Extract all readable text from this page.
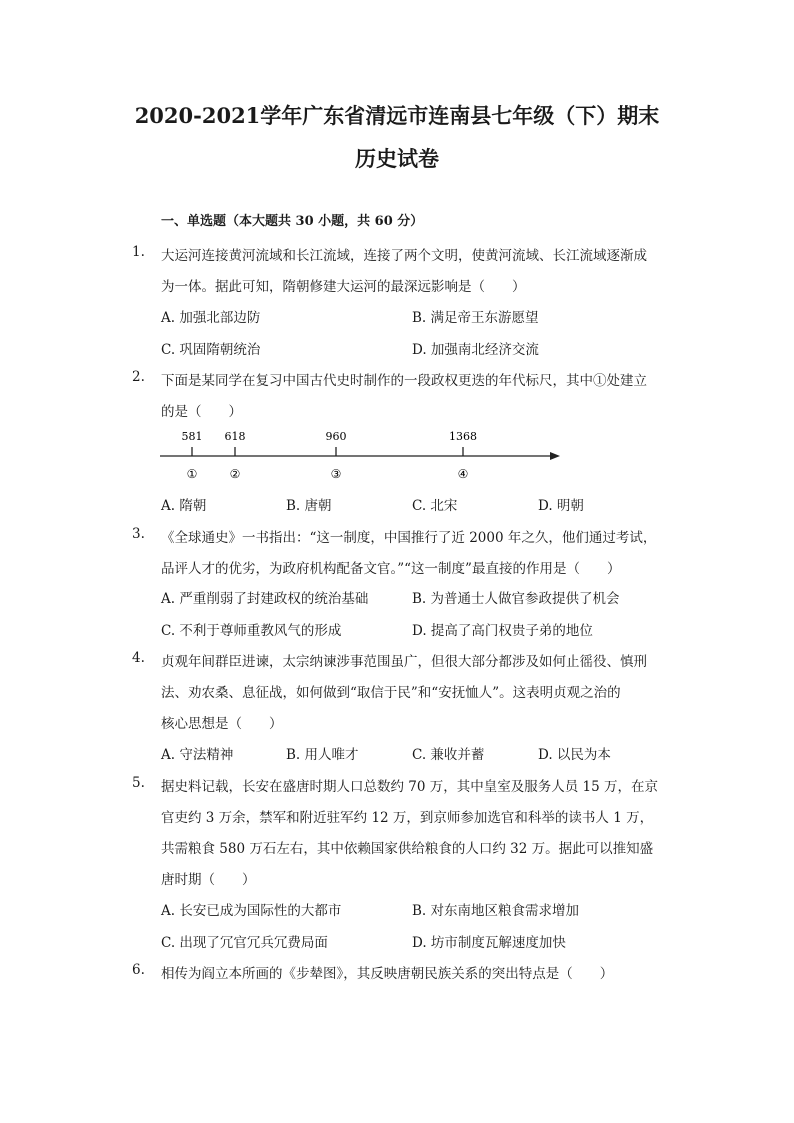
2020-2021学年广东省清远市连南县七年级（下）期末
历史试卷
一、单选题（本大题共 30 小题，共 60 分）
1.	大运河连接黄河流域和长江流域，连接了两个文明，使黄河流域、长江流域逐渐成
为一体。据此可知，隋朝修建大运河的最深远影响是（　　）
A. 加强北部边防	B. 满足帝王东游愿望
C. 巩固隋朝统治	D. 加强南北经济交流
2.	下面是某同学在复习中国古代史时制作的一段政权更迭的年代标尺，其中①处建立
的是（　　）
581 618	960	1368
①	②	③	④
A. 隋朝	B. 唐朝	C. 北宋	D. 明朝
3.	《全球通史》一书指出：“这一制度，中国推行了近 2000 年之久，他们通过考试，
品评人才的优劣，为政府机构配备文官。”“这一制度”最直接的作用是（　　）
A. 严重削弱了封建政权的统治基础	B. 为普通士人做官参政提供了机会
C. 不利于尊师重教风气的形成	D. 提高了高门权贵子弟的地位
4.	贞观年间群臣进谏，太宗纳谏涉事范围虽广，但很大部分都涉及如何止徭役、慎刑
法、劝农桑、息征战，如何做到“取信于民”和“安抚恤人”。这表明贞观之治的
核心思想是（　　）
A. 守法精神	B. 用人唯才	C. 兼收并蓄	D. 以民为本
5.	据史料记载，长安在盛唐时期人口总数约 70 万，其中皇室及服务人员 15 万，在京
官吏约 3 万余，禁军和附近驻军约 12 万，到京师参加选官和科举的读书人 1 万，
共需粮食 580 万石左右，其中依赖国家供给粮食的人口约 32 万。据此可以推知盛
唐时期（　　）
A. 长安已成为国际性的大都市	B. 对东南地区粮食需求增加
C. 出现了冗官冗兵冗费局面	D. 坊市制度瓦解速度加快
6.	相传为阎立本所画的《步辇图》，其反映唐朝民族关系的突出特点是（　　）
